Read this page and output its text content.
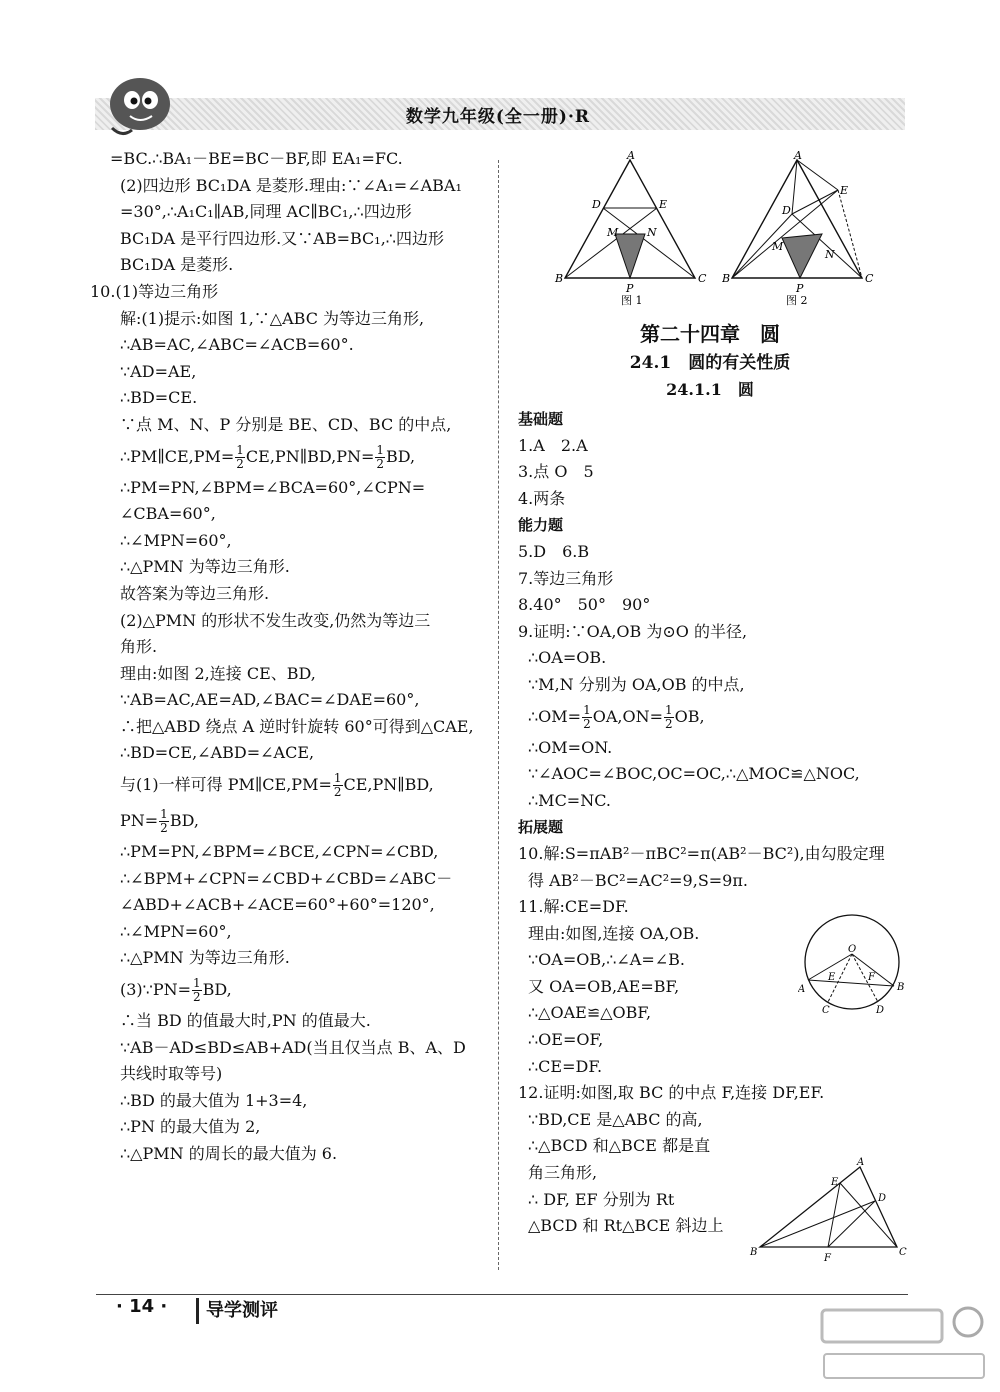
数学九年级(全一册)·R

=BC.∴BA₁－BE=BC－BF,即 EA₁=FC.

(2)四边形 BC₁DA 是菱形.理由:∵∠A₁=∠ABA₁

=30°,∴A₁C₁∥AB,同理 AC∥BC₁,∴四边形

BC₁DA 是平行四边形.又∵AB=BC₁,∴四边形

BC₁DA 是菱形.

10.(1)等边三角形

解:(1)提示:如图 1,∵△ABC 为等边三角形,

∴AB=AC,∠ABC=∠ACB=60°.

∵AD=AE,

∴BD=CE.

∵点 M、N、P 分别是 BE、CD、BC 的中点,

∴PM∥CE,PM= $\frac{1}{2}$ CE,PN∥BD,PN= $\frac{1}{2}$ BD,

∴PM=PN,∠BPM=∠BCA=60°,∠CPN=

∠CBA=60°,

∴∠MPN=60°,

∴△PMN 为等边三角形.

故答案为等边三角形.

(2)△PMN 的形状不发生改变,仍然为等边三

角形.

理由:如图 2,连接 CE、BD,

∵AB=AC,AE=AD,∠BAC=∠DAE=60°,

∴把△ABD 绕点 A 逆时针旋转 60°可得到△CAE,

∴BD=CE,∠ABD=∠ACE,

与(1)一样可得 PM∥CE,PM= $\frac{1}{2}$ CE,PN∥BD,

$PN= \frac{1}{2}$ BD,

∴PM=PN,∠BPM=∠BCE,∠CPN=∠CBD,

∴∠BPM+∠CPN=∠CBD+∠CBD=∠ABC－

∠ABD+∠ACB+∠ACE=60°+60°=120°,

∴∠MPN=60°,

∴△PMN 为等边三角形.

(3)∵PN= $\frac{1}{2}$ BD,

∴当 BD 的值最大时,PN 的值最大.

∵AB－AD≤BD≤AB+AD(当且仅当点 B、A、D

共线时取等号)

∴BD 的最大值为 1+3=4,

∴PN 的最大值为 2,

∴△PMN 的周长的最大值为 6.

A
D	E
M	N
B	C
P
图 1
A
E
D
M
N
B	C
P
图 2
第二十四章　圆
24.1　圆的有关性质
24.1.1　圆

基础题

1.A　2.A

3.点 O　5

4.两条

能力题

5.D　6.B

7.等边三角形

8.40°　50°　90°

9.证明:∵OA,OB 为⊙O 的半径,

∴OA=OB.

∵M,N 分别为 OA,OB 的中点,

∴OM= $\frac{1}{2} OA,ON= \frac{1}{2}$ OB,

∴OM=ON.

∵∠AOC=∠BOC,OC=OC,∴△MOC≌△NOC,

∴MC=NC.

拓展题

10.解:S=πAB²－πBC²=π(AB²－BC²),由勾股定理

得 AB²－BC²=AC²=9,S=9π.

11.解:CE=DF.

理由:如图,连接 OA,OB.

∵OA=OB,∴∠A=∠B.

又 OA=OB,AE=BF,

∴△OAE≌△OBF,

∴OE=OF,

∴CE=DF.

12.证明:如图,取 BC 的中点 F,连接 DF,EF.

∵BD,CE 是△ABC 的高,

∴△BCD 和△BCE 都是直

角三角形,

∴ DF, EF 分别为 Rt

△BCD 和 Rt△BCE 斜边上

O
A	B
E	F
C	D
A
E
D
B	C
F
· 14 · 导学测评
